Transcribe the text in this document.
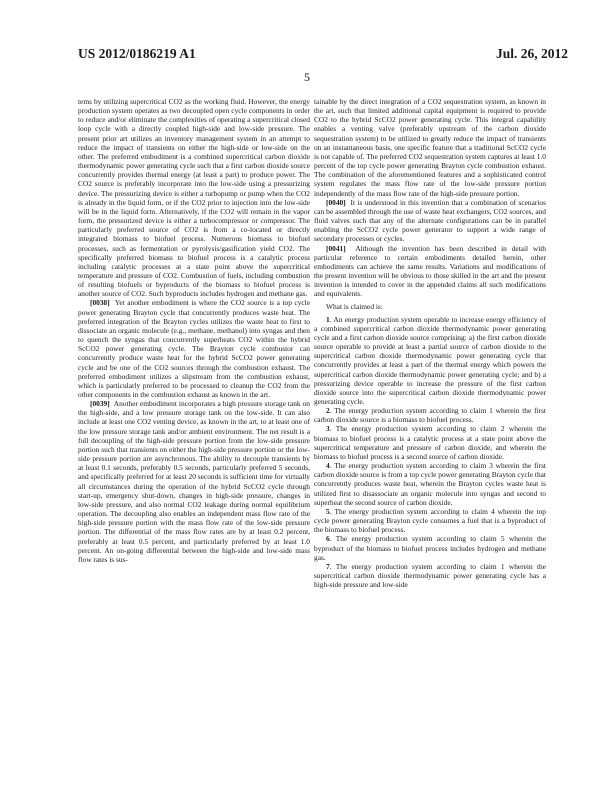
US 2012/0186219 A1	Jul. 26, 2012
5

tems by utilizing supercritical CO2 as the working fluid. However, the energy production system operates as two decoupled open cycle components in order to reduce and/or eliminate the complexities of operating a supercritical closed loop cycle with a directly coupled high-side and low-side pressure. The present prior art utilizes an inventory management system in an attempt to reduce the impact of transients on either the high-side or low-side on the other. The preferred embodiment is a combined supercritical carbon dioxide thermodynamic power generating cycle such that a first carbon dioxide source concurrently provides thermal energy (at least a part) to produce power. The CO2 source is preferably incorporate into the low-side using a pressurizing device. The pressurizing device is either a turbopump or pump when the CO2 is already in the liquid form, or if the CO2 prior to injection into the low-side will be in the liquid form. Alternatively, if the CO2 will remain in the vapor form, the pressurized device is either a turbocompressor or compressor. The particularly preferred source of CO2 is from a co-located or directly integrated biomass to biofuel process. Numerous biomass to biofuel processes, such as fermentation or pyrolysis/gasification yield CO2. The specifically preferred biomass to biofuel process is a catalytic process including catalytic processes at a state point above the supercritical temperature and pressure of CO2. Combustion of fuels, including combustion of resulting biofuels or byproducts of the biomass to biofuel process is another source of CO2. Such byproducts includes hydrogen and methane gas.

[0038] Yet another embodiment is where the CO2 source is a top cycle power generating Brayton cycle that concurrently produces waste heat. The preferred integration of the Brayton cycles utilizes the waste heat to first to dissociate an organic molecule (e.g., methane, methanol) into syngas and then to quench the syngas that concurrently superheats CO2 within the hybrid ScCO2 power generating cycle. The Brayton cycle combustor can concurrently produce waste heat for the hybrid ScCO2 power generating cycle and be one of the CO2 sources through the combustion exhaust. The preferred embodiment utilizes a slipstream from the combustion exhaust, which is particularly preferred to be processed to cleanup the CO2 from the other components in the combustion exhaust as known in the art.

[0039] Another embodiment incorporates a high pressure storage tank on the high-side, and a low pressure storage tank on the low-side. It can also include at least one CO2 venting device, as known in the art, to at least one of the low pressure storage tank and/or ambient environment. The net result is a full decoupling of the high-side pressure portion from the low-side pressure portion such that transients on either the high-side pressure portion or the low-side pressure portion are asynchronous. The ability to decouple transients by at least 0.1 seconds, preferably 0.5 seconds, particularly preferred 5 seconds, and specifically preferred for at least 20 seconds is sufficient time for virtually all circumstances during the operation of the hybrid ScCO2 cycle through start-up, emergency shut-down, changes in high-side pressure, changes in low-side pressure, and also normal CO2 leakage during normal equilibrium operation. The decoupling also enables an independent mass flow rate of the high-side pressure portion with the mass flow rate of the low-side pressure portion. The differential of the mass flow rates are by at least 0.2 percent, preferably at least 0.5 percent, and particularly preferred by at least 1.0 percent. An on-going differential between the high-side and low-side mass flow rates is sus-

tainable by the direct integration of a CO2 sequestration system, as known in the art, such that limited additional capital equipment is required to provide CO2 to the hybrid ScCO2 power generating cycle. This integral capability enables a venting valve (preferably upstream of the carbon dioxide sequestration system) to be utilized to greatly reduce the impact of transients on an instantaneous basis, one specific feature that a traditional ScCO2 cycle is not capable of. The preferred CO2 sequestration system captures at least 1.0 percent of the top cycle power generating Brayton cycle combustion exhaust. The combination of the aforementioned features and a sophisticated control system regulates the mass flow rate of the low-side pressure portion independently of the mass flow rate of the high-side pressure portion.

[0040] It is understood in this invention that a combination of scenarios can be assembled through the use of waste heat exchangers, CO2 sources, and fluid valves such that any of the alternate configurations can be in parallel enabling the ScCO2 cycle power generator to support a wide range of secondary processes or cycles.

[0041] Although the invention has been described in detail with particular reference to certain embodiments detailed herein, other embodiments can achieve the same results. Variations and modifications of the present invention will be obvious to those skilled in the art and the present invention is intended to cover in the appended claims all such modifications and equivalents.

What is claimed is:

1. An energy production system operable to increase energy efficiency of a combined supercritical carbon dioxide thermodynamic power generating cycle and a first carbon dioxide source comprising: a) the first carbon dioxide source operable to provide at least a partial source of carbon dioxide to the supercritical carbon dioxide thermodynamic power generating cycle that concurrently provides at least a part of the thermal energy which powers the supercritical carbon dioxide thermodynamic power generating cycle; and b) a pressurizing device operable to increase the pressure of the first carbon dioxide source into the supercritical carbon dioxide thermodynamic power generating cycle.

2. The energy production system according to claim 1 wherein the first carbon dioxide source is a biomass to biofuel process.

3. The energy production system according to claim 2 wherein the biomass to biofuel process is a catalytic process at a state point above the supercritical temperature and pressure of carbon dioxide, and wherein the biomass to biofuel process is a second source of carbon dioxide.

4. The energy production system according to claim 3 wherein the first carbon dioxide source is from a top cycle power generating Brayton cycle that concurrently produces waste heat, wherein the Brayton cycles waste heat is utilized first to disassociate an organic molecule into syngas and second to superheat the second source of carbon dioxide.

5. The energy production system according to claim 4 wherein the top cycle power generating Brayton cycle consumes a fuel that is a byproduct of the biomass to biofuel process.

6. The energy production system according to claim 5 wherein the byproduct of the biomass to biofuel process includes hydrogen and methane gas.

7. The energy production system according to claim 1 wherein the supercritical carbon dioxide thermodynamic power generating cycle has a high-side pressure and low-side
